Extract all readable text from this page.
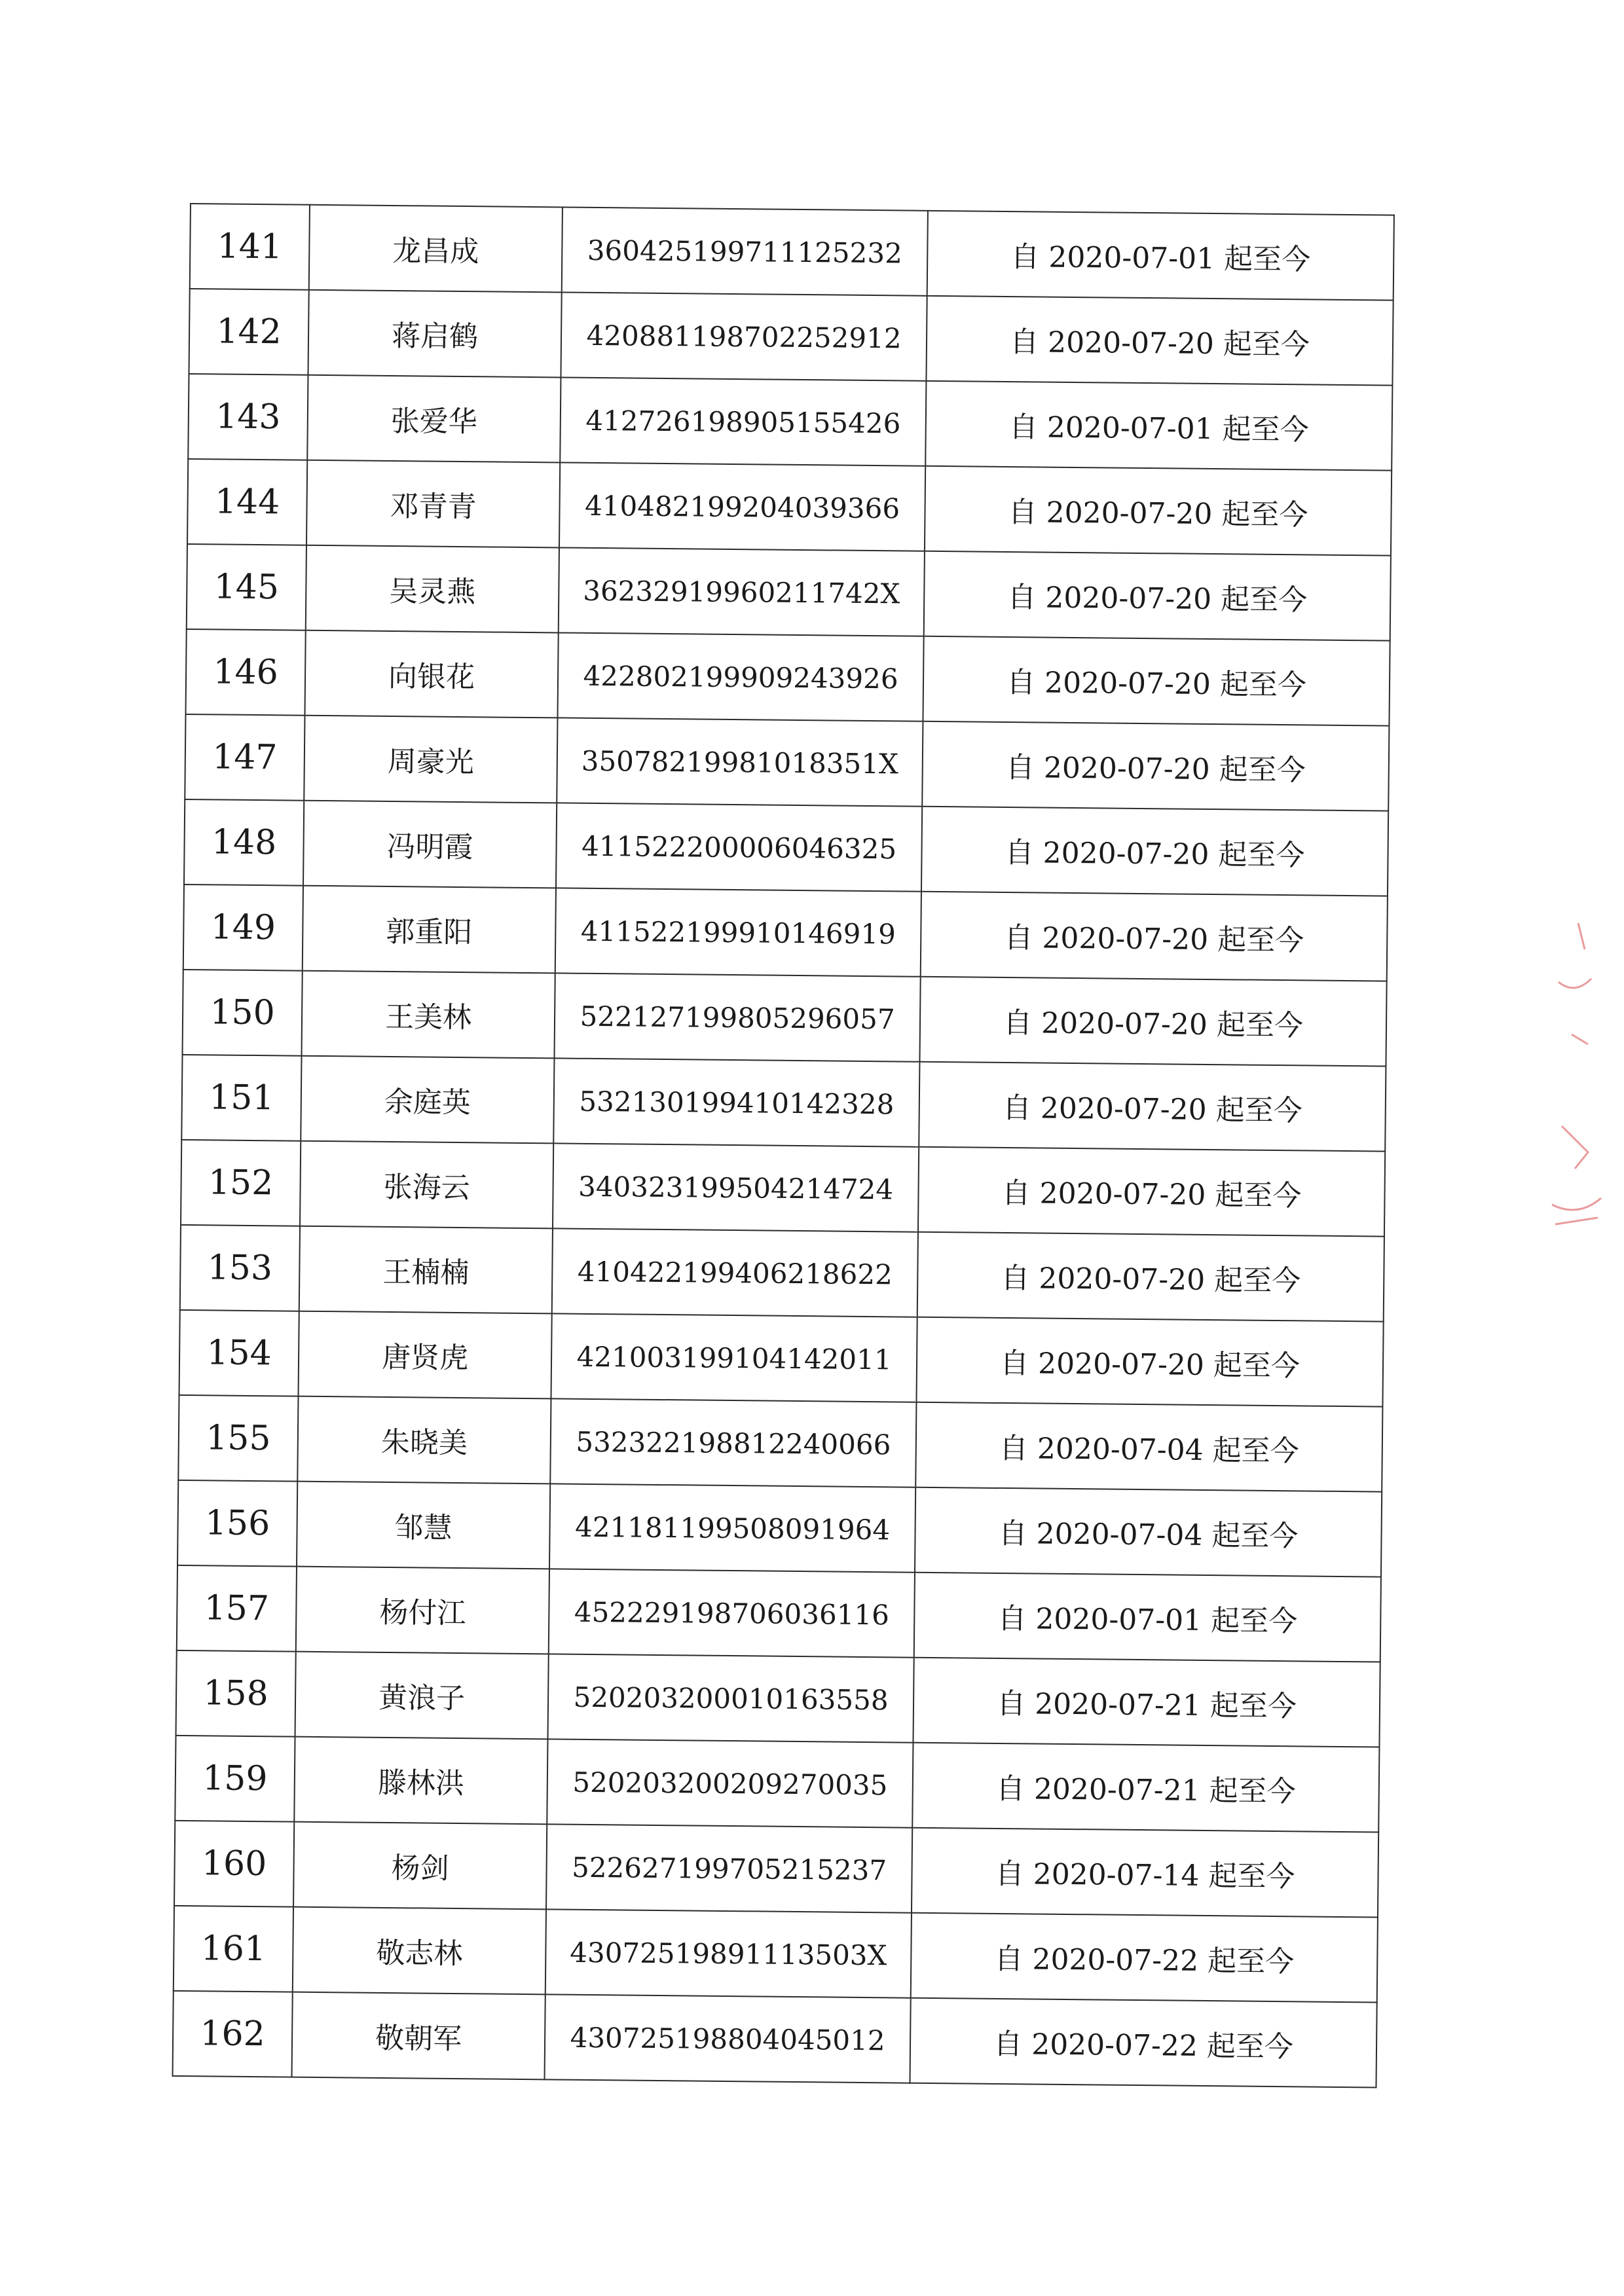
141	龙昌成	360425199711125232	自 2020-07-01 起至今
142	蒋启鹤	420881198702252912	自 2020-07-20 起至今
143	张爱华	412726198905155426	自 2020-07-01 起至今
144	邓青青	410482199204039366	自 2020-07-20 起至今
145	吴灵燕	36232919960211742X	自 2020-07-20 起至今
146	向银花	422802199909243926	自 2020-07-20 起至今
147	周豪光	35078219981018351X	自 2020-07-20 起至今
148	冯明霞	411522200006046325	自 2020-07-20 起至今
149	郭重阳	411522199910146919	自 2020-07-20 起至今
150	王美林	522127199805296057	自 2020-07-20 起至今
151	余庭英	532130199410142328	自 2020-07-20 起至今
152	张海云	340323199504214724	自 2020-07-20 起至今
153	王楠楠	410422199406218622	自 2020-07-20 起至今
154	唐贤虎	421003199104142011	自 2020-07-20 起至今
155	朱晓美	532322198812240066	自 2020-07-04 起至今
156	邹慧	421181199508091964	自 2020-07-04 起至今
157	杨付江	452229198706036116	自 2020-07-01 起至今
158	黄浪子	520203200010163558	自 2020-07-21 起至今
159	滕林洪	520203200209270035	自 2020-07-21 起至今
160	杨剑	522627199705215237	自 2020-07-14 起至今
161	敬志林	43072519891113503X	自 2020-07-22 起至今
162	敬朝军	430725198804045012	自 2020-07-22 起至今
